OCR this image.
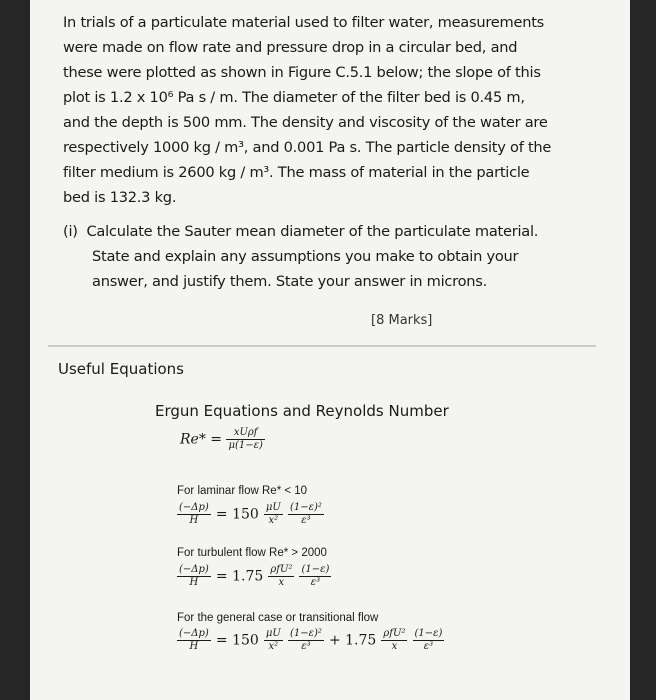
In trials of a particulate material used to filter water, measurements
were made on flow rate and pressure drop in a circular bed, and
these were plotted as shown in Figure C.5.1 below; the slope of this
plot is 1.2 x 10⁶ Pa s / m. The diameter of the filter bed is 0.45 m,
and the depth is 500 mm. The density and viscosity of the water are
respectively 1000 kg / m³, and 0.001 Pa s. The particle density of the
filter medium is 2600 kg / m³. The mass of material in the particle
bed is 132.3 kg.
(i) Calculate the Sauter mean diameter of the particulate material.
State and explain any assumptions you make to obtain your
answer, and justify them. State your answer in microns.
[8 Marks]
Useful Equations
Ergun Equations and Reynolds Number
$Re* = \frac{\text{xUρf}}{\mu(1-\varepsilon)}$
For laminar flow Re* < 10
$\frac{(-\Delta p)}{H} = 150 \frac{\mu U}{\text{x²}}$
$\frac{\text{(1−ε)²}}{\text{ε³}}$
For turbulent flow Re* > 2000
$\frac{(-\Delta p)}{H} = 1.75 \frac{\text{ρfU²}}{x}$
$\frac{(1-\varepsilon)}{\text{ε³}}$
For the general case or transitional flow
$\frac{(-\Delta p)}{H} = 150 \frac{\mu U}{\text{x²}}$
$\frac{\text{(1−ε)²}}{\text{ε³}} + 1.75 \frac{\text{ρfU²}}{x}$
$\frac{(1-\varepsilon)}{\text{ε³}}$
